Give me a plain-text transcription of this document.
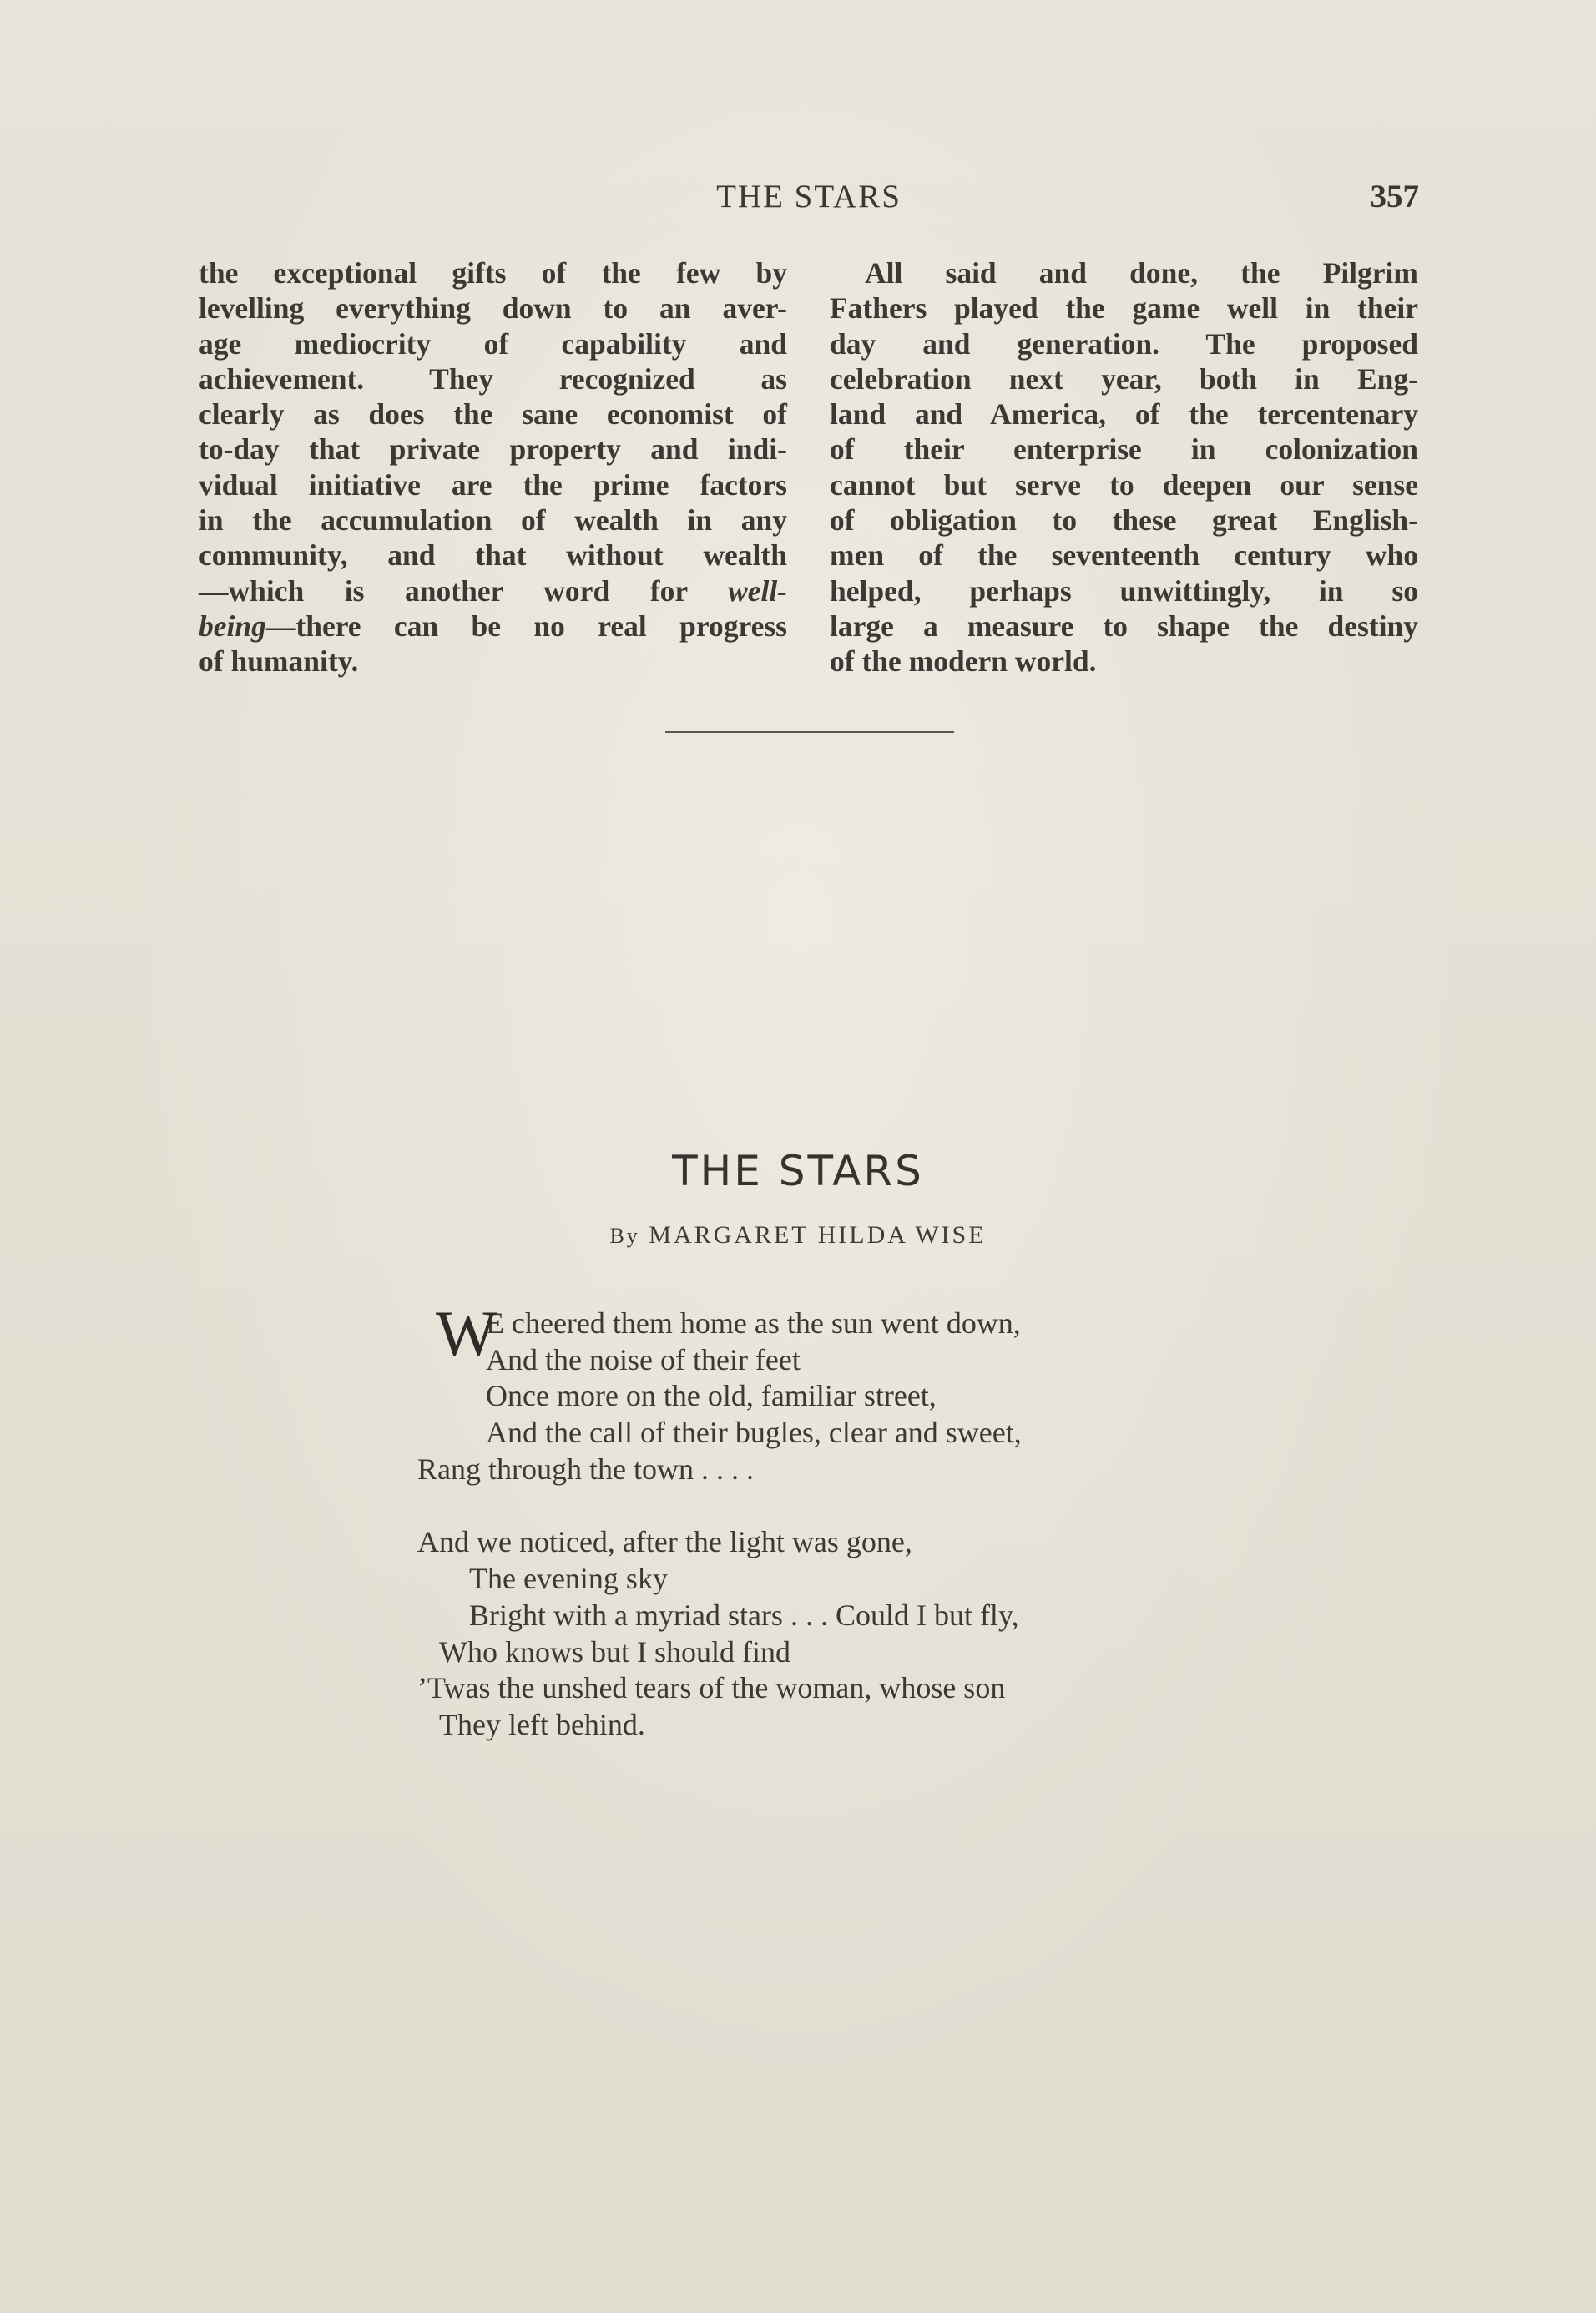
THE STARS	357
the exceptional gifts of the few by
levelling everything down to an aver-
age mediocrity of capability and
achievement. They recognized as
clearly as does the sane economist of
to-day that private property and indi-
vidual initiative are the prime factors
in the accumulation of wealth in any
community, and that without wealth
—which is another word for well-
being—there can be no real progress
of humanity.
All said and done, the Pilgrim
Fathers played the game well in their
day and generation. The proposed
celebration next year, both in Eng-
land and America, of the tercentenary
of their enterprise in colonization
cannot but serve to deepen our sense
of obligation to these great English-
men of the seventeenth century who
helped, perhaps unwittingly, in so
large a measure to shape the destiny
of the modern world.
THE STARS
By MARGARET HILDA WISE
W
E cheered them home as the sun went down,
And the noise of their feet
Once more on the old, familiar street,
And the call of their bugles, clear and sweet,
Rang through the town . . . .
And we noticed, after the light was gone,
The evening sky
Bright with a myriad stars . . . Could I but fly,
Who knows but I should find
’Twas the unshed tears of the woman, whose son
They left behind.
